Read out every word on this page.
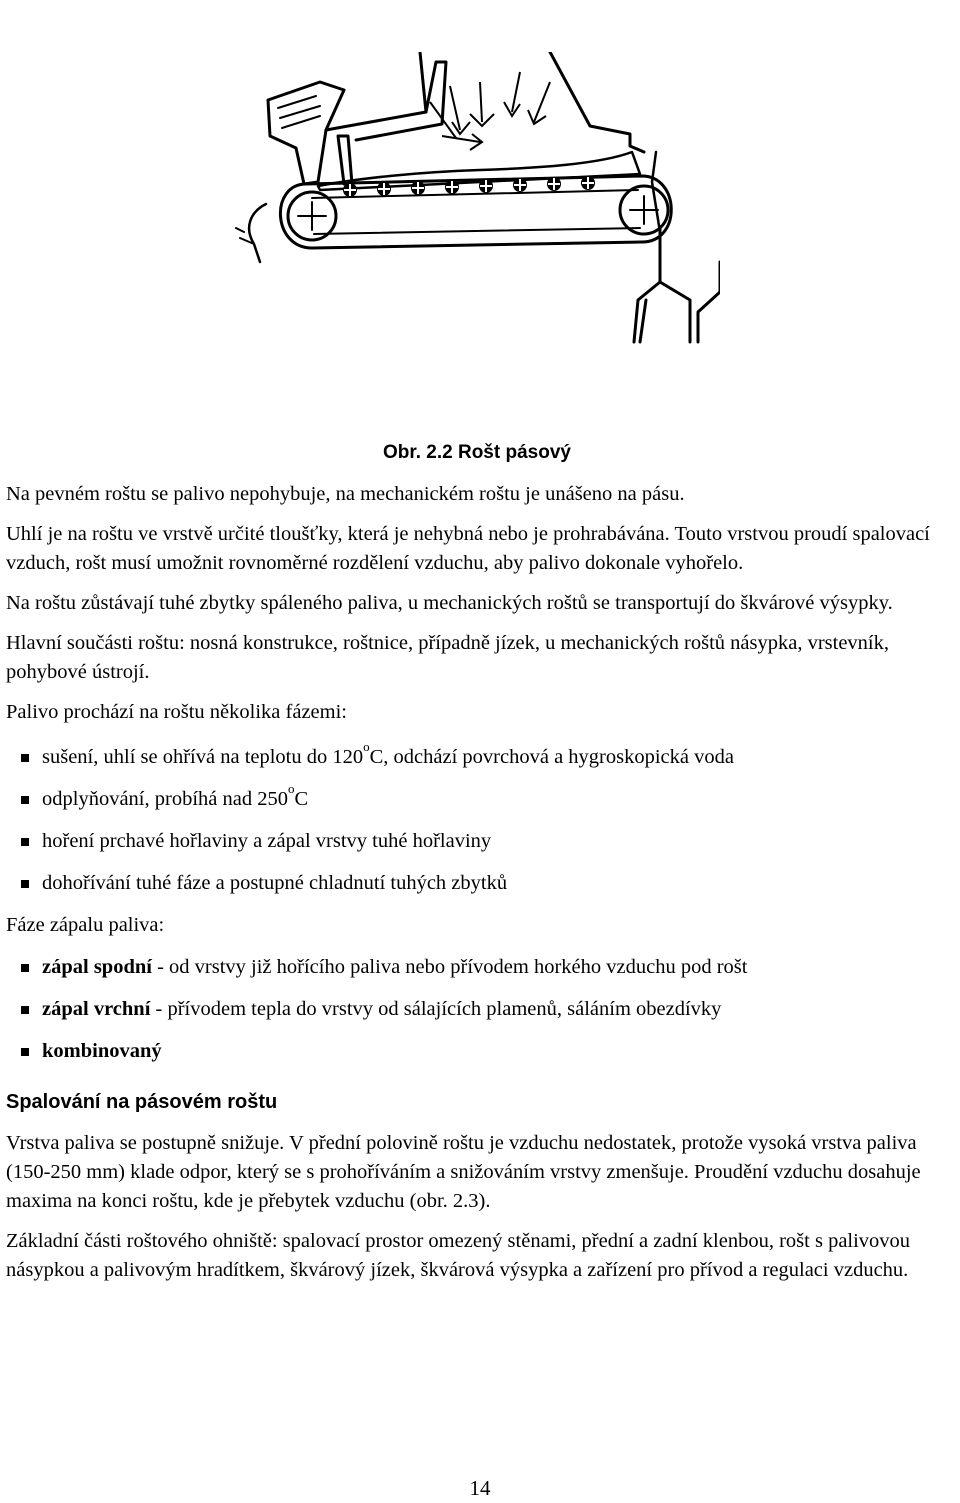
Obr. 2.2 Rošt pásový

Na pevném roštu se palivo nepohybuje, na mechanickém roštu je unášeno na pásu.

Uhlí je na roštu ve vrstvě určité tloušťky, která je nehybná nebo je prohrabávána. Touto vrstvou proudí spalovací vzduch, rošt musí umožnit rovnoměrné rozdělení vzduchu, aby palivo dokonale vyhořelo.

Na roštu zůstávají tuhé zbytky spáleného paliva, u mechanických roštů se transportují do škvárové výsypky.

Hlavní součásti roštu: nosná konstrukce, roštnice, případně jízek, u mechanických roštů násypka, vrstevník, pohybové ústrojí.

Palivo prochází na roštu několika fázemi:

sušení, uhlí se ohřívá na teplotu do 120$^o$C, odchází povrchová a hygroskopická voda
odplyňování, probíhá nad 250$^o$C
hoření prchavé hořlaviny a zápal vrstvy tuhé hořlaviny
dohořívání tuhé fáze a postupné chladnutí tuhých zbytků

Fáze zápalu paliva:

zápal spodní - od vrstvy již hořícího paliva nebo přívodem horkého vzduchu pod rošt
zápal vrchní - přívodem tepla do vrstvy od sálajících plamenů, sáláním obezdívky
kombinovaný
Spalování na pásovém roštu

Vrstva paliva se postupně snižuje. V přední polovině roštu je vzduchu nedostatek, protože vysoká vrstva paliva (150-250 mm) klade odpor, který se s prohoříváním a snižováním vrstvy zmenšuje. Proudění vzduchu dosahuje maxima na konci roštu, kde je přebytek vzduchu (obr. 2.3).

Základní části roštového ohniště: spalovací prostor omezený stěnami, přední a zadní klenbou, rošt s palivovou násypkou a palivovým hradítkem, škvárový jízek, škvárová výsypka a zařízení pro přívod a regulaci vzduchu.

14
